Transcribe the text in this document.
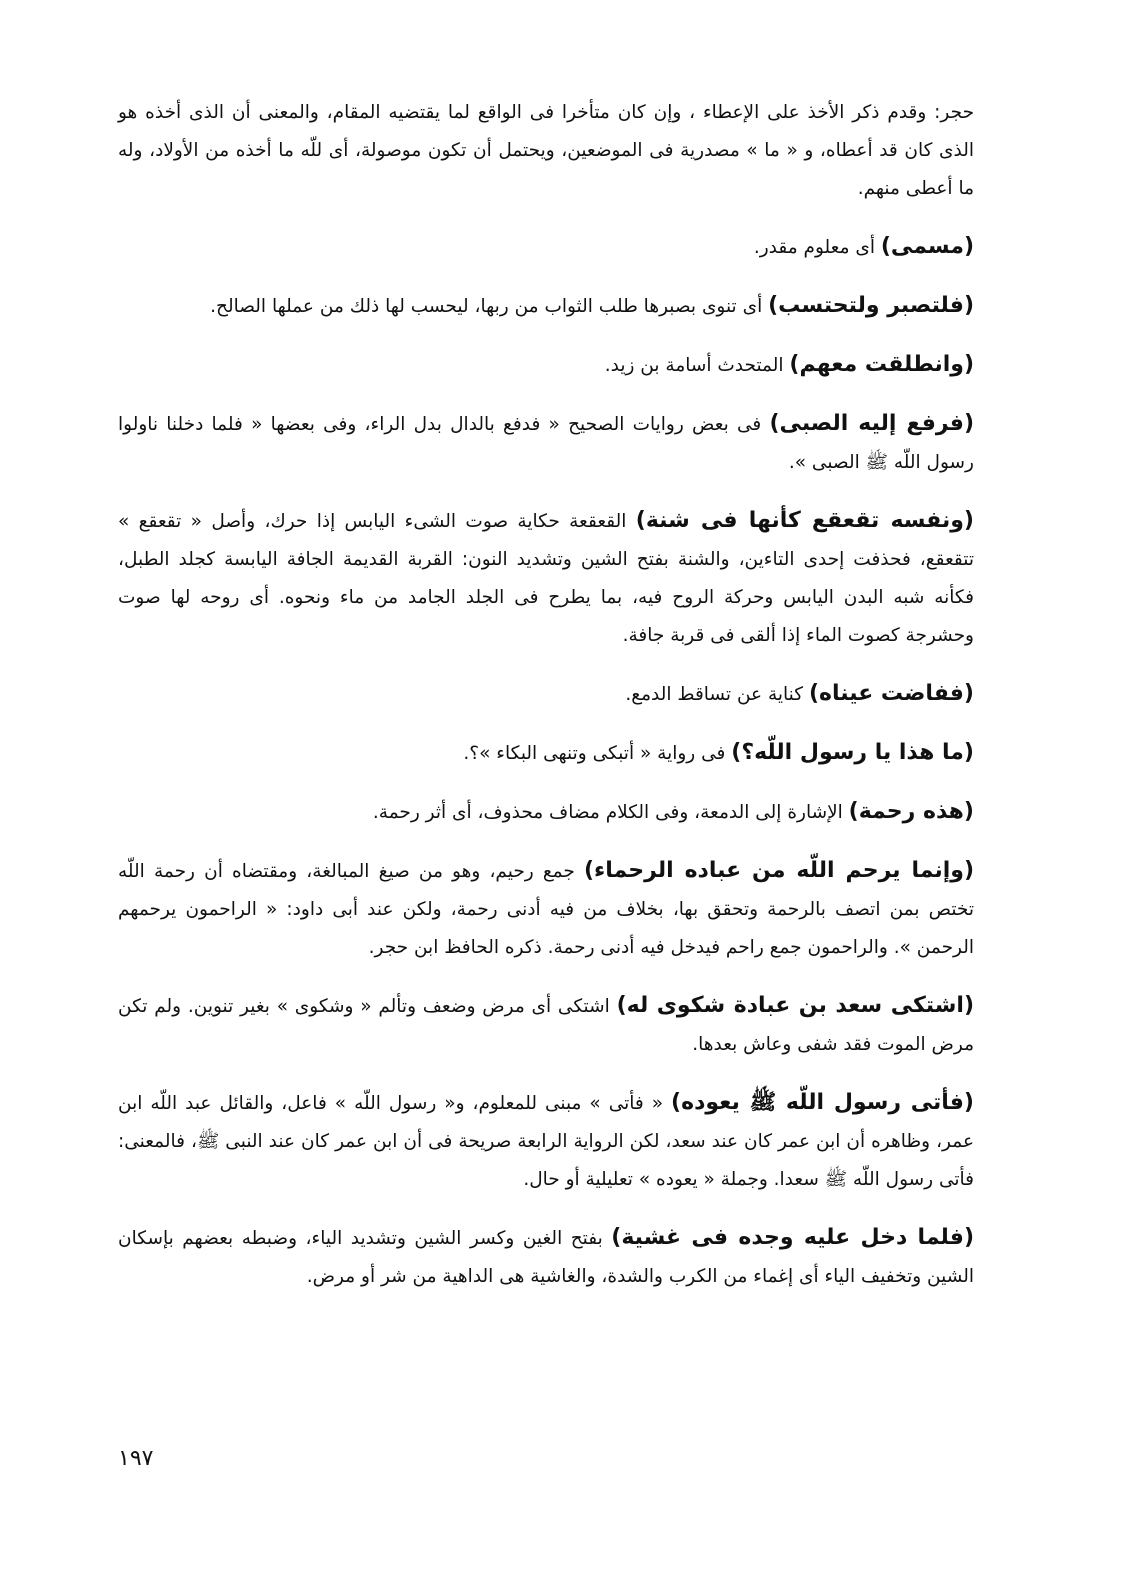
حجر: وقدم ذكر الأخذ على الإعطاء ، وإن كان متأخرا فى الواقع لما يقتضيه المقام، والمعنى أن الذى أخذه هو الذى كان قد أعطاه، و « ما » مصدرية فى الموضعين، ويحتمل أن تكون موصولة، أى للّه ما أخذه من الأولاد، وله ما أعطى منهم.

(مسمى) أى معلوم مقدر.

(فلتصبر ولتحتسب) أى تنوى بصبرها طلب الثواب من ربها، ليحسب لها ذلك من عملها الصالح.

(وانطلقت معهم) المتحدث أسامة بن زيد.

(فرفع إليه الصبى) فى بعض روايات الصحيح « فدفع بالدال بدل الراء، وفى بعضها « فلما دخلنا ناولوا رسول اللّه ﷺ الصبى ».

(ونفسه تقعقع كأنها فى شنة) القعقعة حكاية صوت الشىء اليابس إذا حرك، وأصل « تقعقع » تتقعقع، فحذفت إحدى التاءين، والشنة بفتح الشين وتشديد النون: القربة القديمة الجافة اليابسة كجلد الطبل، فكأنه شبه البدن اليابس وحركة الروح فيه، بما يطرح فى الجلد الجامد من ماء ونحوه. أى روحه لها صوت وحشرجة كصوت الماء إذا ألقى فى قربة جافة.

(ففاضت عيناه) كناية عن تساقط الدمع.

(ما هذا يا رسول اللّه؟) فى رواية « أتبكى وتنهى البكاء »؟.

(هذه رحمة) الإشارة إلى الدمعة، وفى الكلام مضاف محذوف، أى أثر رحمة.

(وإنما يرحم اللّه من عباده الرحماء) جمع رحيم، وهو من صيغ المبالغة، ومقتضاه أن رحمة اللّه تختص بمن اتصف بالرحمة وتحقق بها، بخلاف من فيه أدنى رحمة، ولكن عند أبى داود: « الراحمون يرحمهم الرحمن ». والراحمون جمع راحم فيدخل فيه أدنى رحمة. ذكره الحافظ ابن حجر.

(اشتكى سعد بن عبادة شكوى له) اشتكى أى مرض وضعف وتألم « وشكوى » بغير تنوين. ولم تكن مرض الموت فقد شفى وعاش بعدها.

(فأتى رسول اللّه ﷺ يعوده) « فأتى » مبنى للمعلوم، و« رسول اللّه » فاعل، والقائل عبد اللّه ابن عمر، وظاهره أن ابن عمر كان عند سعد، لكن الرواية الرابعة صريحة فى أن ابن عمر كان عند النبى ﷺ، فالمعنى: فأتى رسول اللّه ﷺ سعدا. وجملة « يعوده » تعليلية أو حال.

(فلما دخل عليه وجده فى غشية) بفتح الغين وكسر الشين وتشديد الياء، وضبطه بعضهم بإسكان الشين وتخفيف الياء أى إغماء من الكرب والشدة، والغاشية هى الداهية من شر أو مرض.

١٩٧
